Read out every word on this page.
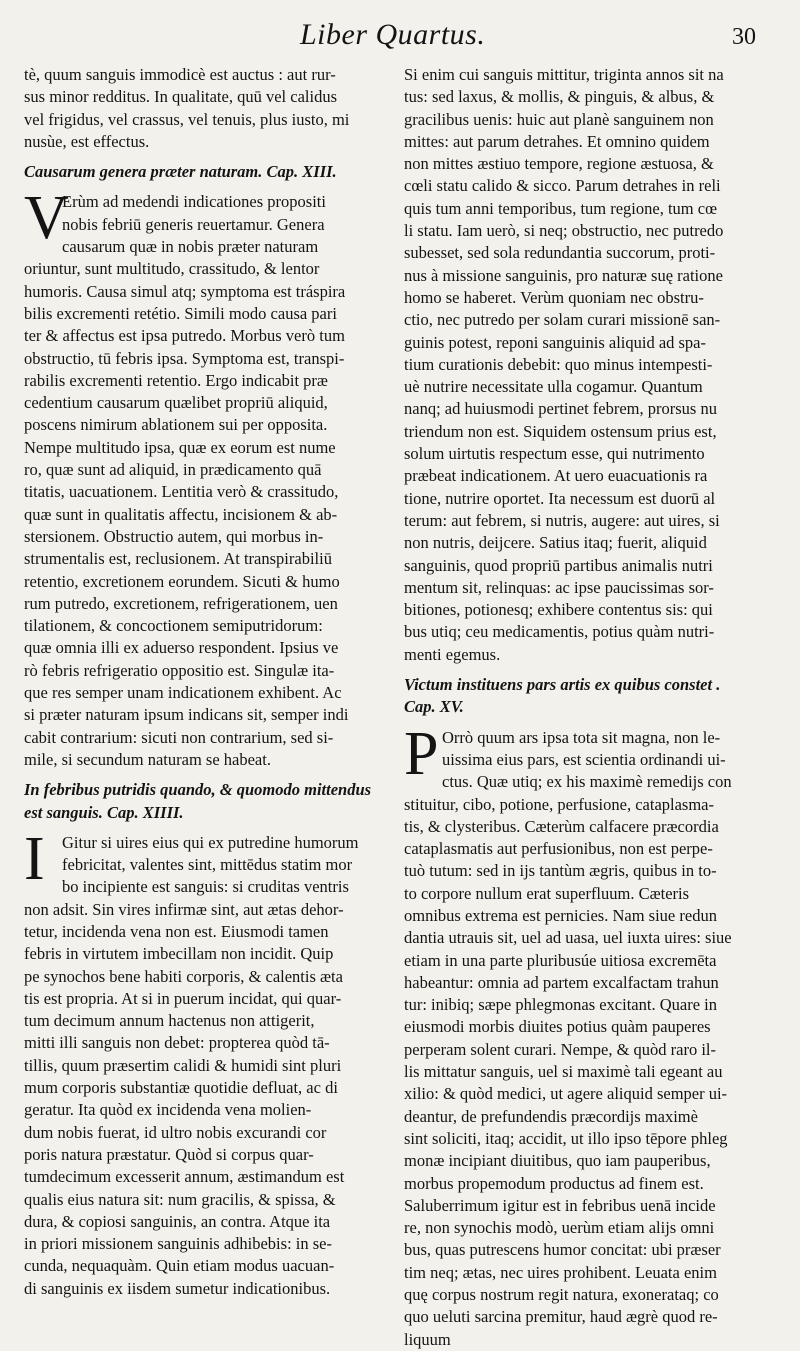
Liber Quartus.	30
tè, quum sanguis immodicè est auctus : aut rur-
sus minor redditus. In qualitate, quū vel calidus
vel frigidus, vel crassus, vel tenuis, plus iusto, mi
nusùe, est effectus.
Causarum genera præter naturam. Cap. XIII.
V
Erùm ad medendi indicationes propositi
nobis febriū generis reuertamur. Genera
causarum quæ in nobis præter naturam
oriuntur, sunt multitudo, crassitudo, & lentor
humoris. Causa simul atq; symptoma est tráspira
bilis excrementi retétio. Simili modo causa pari
ter & affectus est ipsa putredo. Morbus verò tum
obstructio, tū febris ipsa. Symptoma est, transpi-
rabilis excrementi retentio. Ergo indicabit præ
cedentium causarum quælibet propriū aliquid,
poscens nimirum ablationem sui per opposita.
Nempe multitudo ipsa, quæ ex eorum est nume
ro, quæ sunt ad aliquid, in prædicamento quā
titatis, uacuationem. Lentitia verò & crassitudo,
quæ sunt in qualitatis affectu, incisionem & ab-
stersionem. Obstructio autem, qui morbus in-
strumentalis est, reclusionem. At transpirabiliū
retentio, excretionem eorundem. Sicuti & humo
rum putredo, excretionem, refrigerationem, uen
tilationem, & concoctionem semiputridorum:
quæ omnia illi ex aduerso respondent. Ipsius ve
rò febris refrigeratio oppositio est. Singulæ ita-
que res semper unam indicationem exhibent. Ac
si præter naturam ipsum indicans sit, semper indi
cabit contrarium: sicuti non contrarium, sed si-
mile, si secundum naturam se habeat.
In febribus putridis quando, & quomodo mittendus
est sanguis. Cap. XIIII.
I Gitur si uires eius qui ex putredine humorum
febricitat, valentes sint, mittēdus statim mor
bo incipiente est sanguis: si cruditas ventris
non adsit. Sin vires infirmæ sint, aut ætas dehor-
tetur, incidenda vena non est. Eiusmodi tamen
febris in virtutem imbecillam non incidit. Quip
pe synochos bene habiti corporis, & calentis æta
tis est propria. At si in puerum incidat, qui quar-
tum decimum annum hactenus non attigerit,
mitti illi sanguis non debet: propterea quòd tā-
tillis, quum præsertim calidi & humidi sint pluri
mum corporis substantiæ quotidie defluat, ac di
geratur. Ita quòd ex incidenda vena molien-
dum nobis fuerat, id ultro nobis excurandi cor
poris natura præstatur. Quòd si corpus quar-
tumdecimum excesserit annum, æstimandum est
qualis eius natura sit: num gracilis, & spissa, &
dura, & copiosi sanguinis, an contra. Atque ita
in priori missionem sanguinis adhibebis: in se-
cunda, nequaquàm. Quin etiam modus uacuan-
di sanguinis ex iisdem sumetur indicationibus.
Si enim cui sanguis mittitur, triginta annos sit na
tus: sed laxus, & mollis, & pinguis, & albus, &
gracilibus uenis: huic aut planè sanguinem non
mittes: aut parum detrahes. Et omnino quidem
non mittes æstiuo tempore, regione æstuosa, &
cœli statu calido & sicco. Parum detrahes in reli
quis tum anni temporibus, tum regione, tum cœ
li statu. Iam uerò, si neq; obstructio, nec putredo
subesset, sed sola redundantia succorum, proti-
nus à missione sanguinis, pro naturæ suę ratione
homo se haberet. Verùm quoniam nec obstru-
ctio, nec putredo per solam curari missionē san-
guinis potest, reponi sanguinis aliquid ad spa-
tium curationis debebit: quo minus intempesti-
uè nutrire necessitate ulla cogamur. Quantum
nanq; ad huiusmodi pertinet febrem, prorsus nu
triendum non est. Siquidem ostensum prius est,
solum uirtutis respectum esse, qui nutrimento
præbeat indicationem. At uero euacuationis ra
tione, nutrire oportet. Ita necessum est duorū al
terum: aut febrem, si nutris, augere: aut uires, si
non nutris, deijcere. Satius itaq; fuerit, aliquid
sanguinis, quod propriū partibus animalis nutri
mentum sit, relinquas: ac ipse paucissimas sor-
bitiones, potionesq; exhibere contentus sis: qui
bus utiq; ceu medicamentis, potius quàm nutri-
menti egemus.
Victum instituens pars artis ex quibus constet .
Cap. XV.
P Orrò quum ars ipsa tota sit magna, non le-
uissima eius pars, est scientia ordinandi ui-
ctus. Quæ utiq; ex his maximè remedijs con
stituitur, cibo, potione, perfusione, cataplasma-
tis, & clysteribus. Cæterùm calfacere præcordia
cataplasmatis aut perfusionibus, non est perpe-
tuò tutum: sed in ijs tantùm ægris, quibus in to-
to corpore nullum erat superfluum. Cæteris
omnibus extrema est pernicies. Nam siue redun
dantia utrauis sit, uel ad uasa, uel iuxta uires: siue
etiam in una parte pluribusúe uitiosa excremēta
habeantur: omnia ad partem excalfactam trahun
tur: inibiq; sæpe phlegmonas excitant. Quare in
eiusmodi morbis diuites potius quàm pauperes
perperam solent curari. Nempe, & quòd raro il-
lis mittatur sanguis, uel si maximè tali egeant au
xilio: & quòd medici, ut agere aliquid semper ui-
deantur, de prefundendis præcordijs maximè
sint soliciti, itaq; accidit, ut illo ipso tēpore phleg
monæ incipiant diuitibus, quo iam pauperibus,
morbus propemodum productus ad finem est.
Saluberrimum igitur est in febribus uenā incide
re, non synochis modò, uerùm etiam alijs omni
bus, quas putrescens humor concitat: ubi præser
tim neq; ætas, nec uires prohibent. Leuata enim
quę corpus nostrum regit natura, exonerataq; co
quo ueluti sarcina premitur, haud ægrè quod re-
liquum
